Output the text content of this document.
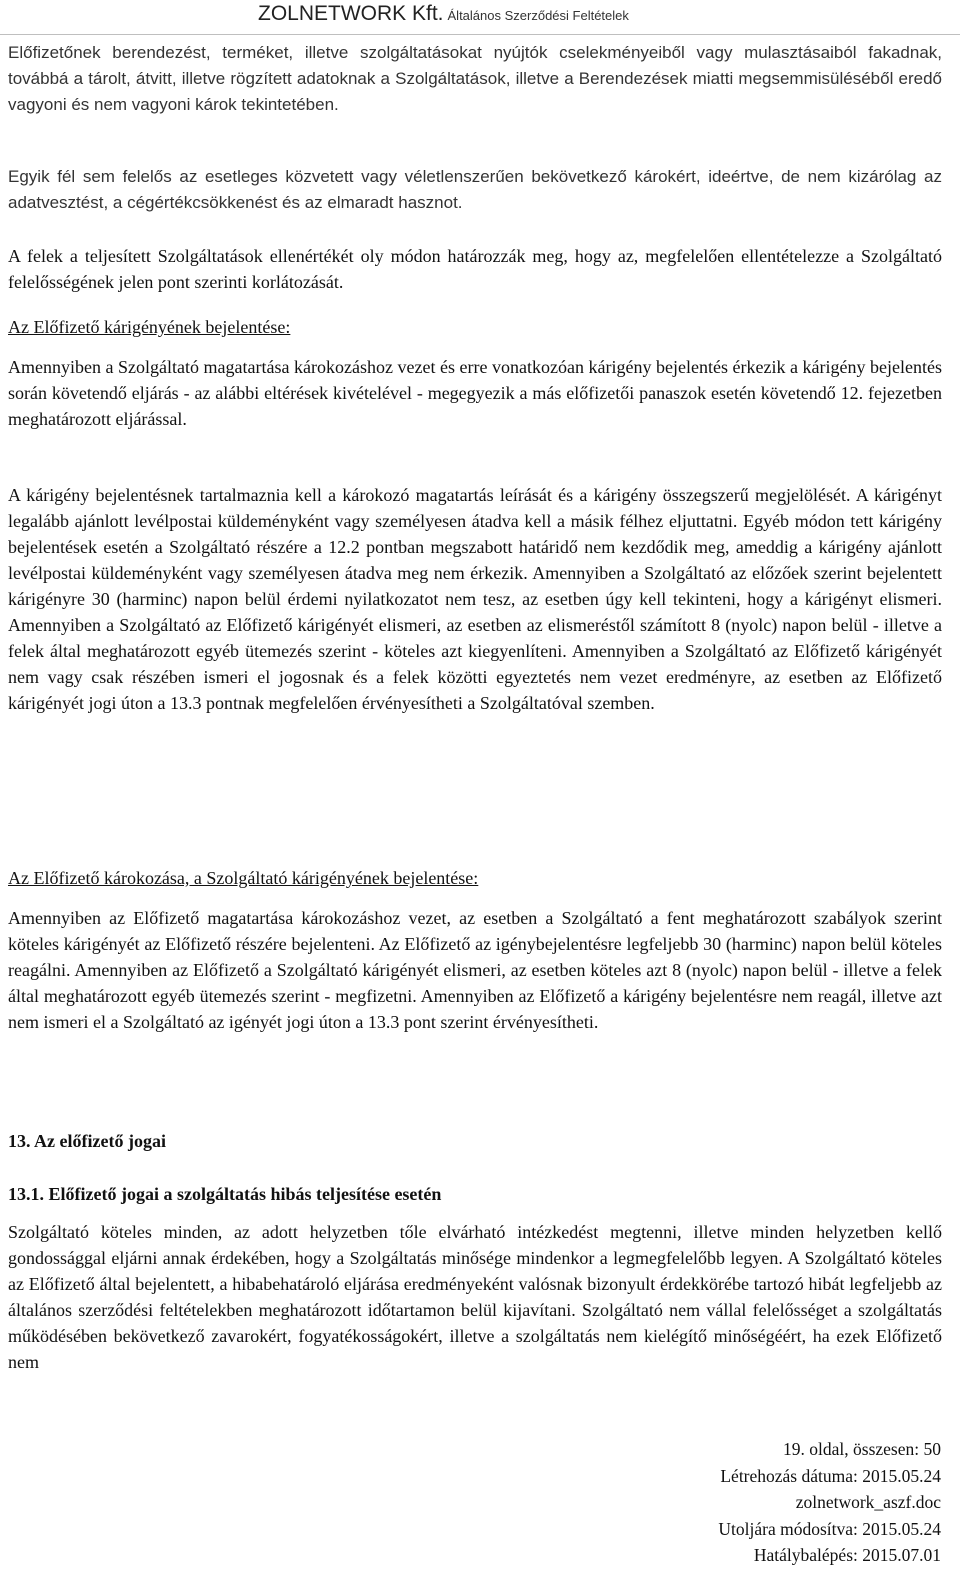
ZOLNETWORK Kft. Általános Szerződési Feltételek

Előfizetőnek berendezést, terméket, illetve szolgáltatásokat nyújtók cselekményeiből vagy mulasztásaiból fakadnak, továbbá a tárolt, átvitt, illetve rögzített adatoknak a Szolgáltatások, illetve a Berendezések miatti megsemmisüléséből eredő vagyoni és nem vagyoni károk tekintetében.

Egyik fél sem felelős az esetleges közvetett vagy véletlenszerűen bekövetkező károkért, ideértve, de nem kizárólag az adatvesztést, a cégértékcsökkenést és az elmaradt hasznot.

A felek a teljesített Szolgáltatások ellenértékét oly módon határozzák meg, hogy az, megfelelően ellentételezze a Szolgáltató felelősségének jelen pont szerinti korlátozását.

Az Előfizető kárigényének bejelentése:

Amennyiben a Szolgáltató magatartása károkozáshoz vezet és erre vonatkozóan kárigény bejelentés érkezik a kárigény bejelentés során követendő eljárás - az alábbi eltérések kivételével - megegyezik a más előfizetői panaszok esetén követendő 12. fejezetben meghatározott eljárással.

A kárigény bejelentésnek tartalmaznia kell a károkozó magatartás leírását és a kárigény összegszerű megjelölését. A kárigényt legalább ajánlott levélpostai küldeményként vagy személyesen átadva kell a másik félhez eljuttatni. Egyéb módon tett kárigény bejelentések esetén a Szolgáltató részére a 12.2 pontban megszabott határidő nem kezdődik meg, ameddig a kárigény ajánlott levélpostai küldeményként vagy személyesen átadva meg nem érkezik. Amennyiben a Szolgáltató az előzőek szerint bejelentett kárigényre 30 (harminc) napon belül érdemi nyilatkozatot nem tesz, az esetben úgy kell tekinteni, hogy a kárigényt elismeri. Amennyiben a Szolgáltató az Előfizető kárigényét elismeri, az esetben az elismeréstől számított 8 (nyolc) napon belül - illetve a felek által meghatározott egyéb ütemezés szerint - köteles azt kiegyenlíteni. Amennyiben a Szolgáltató az Előfizető kárigényét nem vagy csak részében ismeri el jogosnak és a felek közötti egyeztetés nem vezet eredményre, az esetben az Előfizető kárigényét jogi úton a 13.3 pontnak megfelelően érvényesítheti a Szolgáltatóval szemben.

Az Előfizető károkozása, a Szolgáltató kárigényének bejelentése:

Amennyiben az Előfizető magatartása károkozáshoz vezet, az esetben a Szolgáltató a fent meghatározott szabályok szerint köteles kárigényét az Előfizető részére bejelenteni. Az Előfizető az igénybejelentésre legfeljebb 30 (harminc) napon belül köteles reagálni. Amennyiben az Előfizető a Szolgáltató kárigényét elismeri, az esetben köteles azt 8 (nyolc) napon belül - illetve a felek által meghatározott egyéb ütemezés szerint - megfizetni. Amennyiben az Előfizető a kárigény bejelentésre nem reagál, illetve azt nem ismeri el a Szolgáltató az igényét jogi úton a 13.3 pont szerint érvényesítheti.

13. Az előfizető jogai

13.1. Előfizető jogai a szolgáltatás hibás teljesítése esetén

Szolgáltató köteles minden, az adott helyzetben tőle elvárható intézkedést megtenni, illetve minden helyzetben kellő gondossággal eljárni annak érdekében, hogy a Szolgáltatás minősége mindenkor a legmegfelelőbb legyen. A Szolgáltató köteles az Előfizető által bejelentett, a hibabehatároló eljárása eredményeként valósnak bizonyult érdekkörébe tartozó hibát legfeljebb az általános szerződési feltételekben meghatározott időtartamon belül kijavítani. Szolgáltató nem vállal felelősséget a szolgáltatás működésében bekövetkező zavarokért, fogyatékosságokért, illetve a szolgáltatás nem kielégítő minőségéért, ha ezek Előfizető nem

19. oldal, összesen: 50
Létrehozás dátuma: 2015.05.24
zolnetwork_aszf.doc
Utoljára módosítva: 2015.05.24
Hatálybalépés: 2015.07.01
